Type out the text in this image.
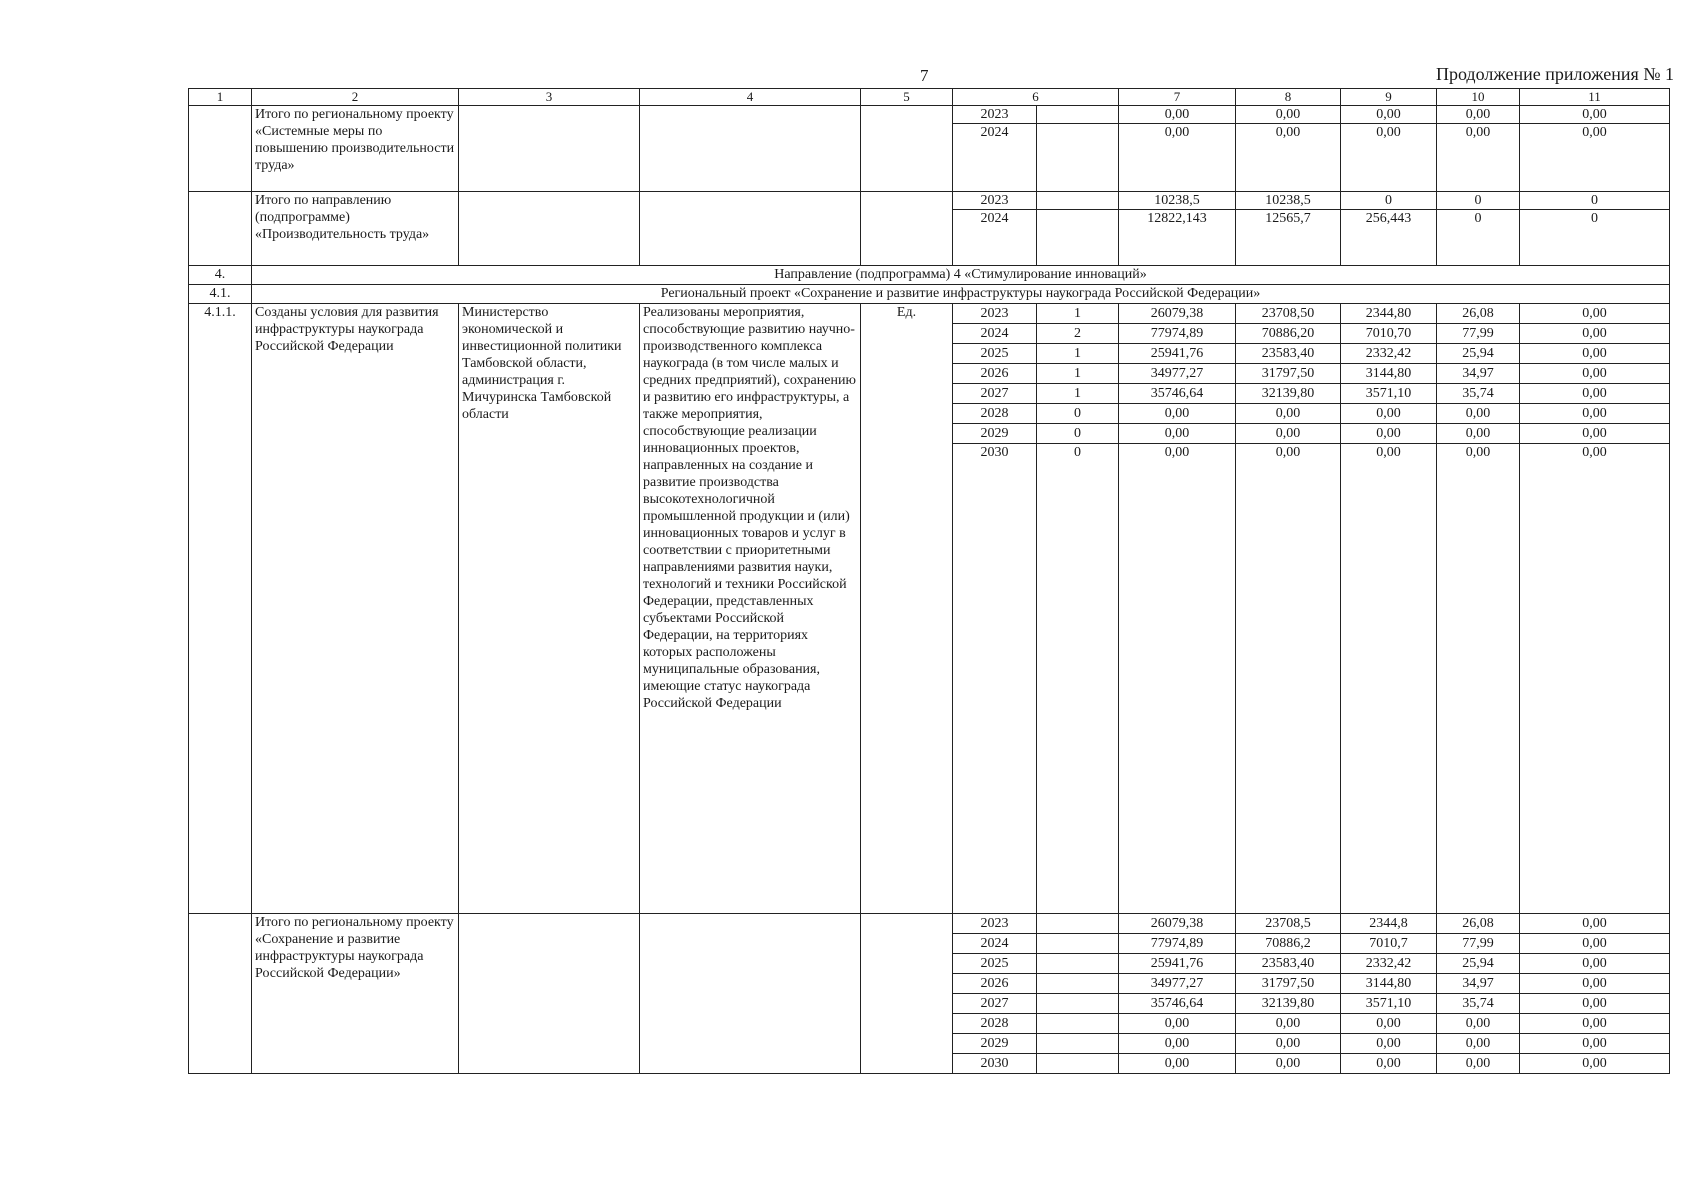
7	Продолжение приложения № 1
1	2	3	4	5	6		7	8	9	10	11
	Итого по региональному проекту «Системные меры по повышению производительности труда»				2023		0,00	0,00	0,00	0,00	0,00
					2024		0,00	0,00	0,00	0,00	0,00
	Итого по направлению (подпрограмме) «Производительность труда»				2023		10238,5	10238,5	0	0	0
					2024		12822,143	12565,7	256,443	0	0
4.	Направление (подпрограмма) 4 «Стимулирование инноваций»										
4.1.	Региональный проект «Сохранение и развитие инфраструктуры наукограда Российской Федерации»										
4.1.1.	Созданы условия для развития инфраструктуры наукограда Российской Федерации	Министерство экономической и инвестиционной политики Тамбовской области, администрация г. Мичуринска Тамбовской области	Реализованы мероприятия, способствующие развитию научно-производственного комплекса наукограда (в том числе малых и средних предприятий), сохранению и развитию его инфраструктуры, а также мероприятия, способствующие реализации инновационных проектов, направленных на создание и развитие производства высокотехнологичной промышленной продукции и (или) инновационных товаров и услуг в соответствии с приоритетными направлениями развития науки, технологий и техники Российской Федерации, представленных субъектами Российской Федерации, на территориях которых расположены муниципальные образования, имеющие статус наукограда Российской Федерации	Ед.	2023	1	26079,38	23708,50	2344,80	26,08	0,00
					2024	2	77974,89	70886,20	7010,70	77,99	0,00
					2025	1	25941,76	23583,40	2332,42	25,94	0,00
					2026	1	34977,27	31797,50	3144,80	34,97	0,00
					2027	1	35746,64	32139,80	3571,10	35,74	0,00
					2028	0	0,00	0,00	0,00	0,00	0,00
					2029	0	0,00	0,00	0,00	0,00	0,00
					2030	0	0,00	0,00	0,00	0,00	0,00
	Итого по региональному проекту «Сохранение и развитие инфраструктуры наукограда Российской Федерации»				2023		26079,38	23708,5	2344,8	26,08	0,00
					2024		77974,89	70886,2	7010,7	77,99	0,00
					2025		25941,76	23583,40	2332,42	25,94	0,00
					2026		34977,27	31797,50	3144,80	34,97	0,00
					2027		35746,64	32139,80	3571,10	35,74	0,00
					2028		0,00	0,00	0,00	0,00	0,00
					2029		0,00	0,00	0,00	0,00	0,00
					2030		0,00	0,00	0,00	0,00	0,00
